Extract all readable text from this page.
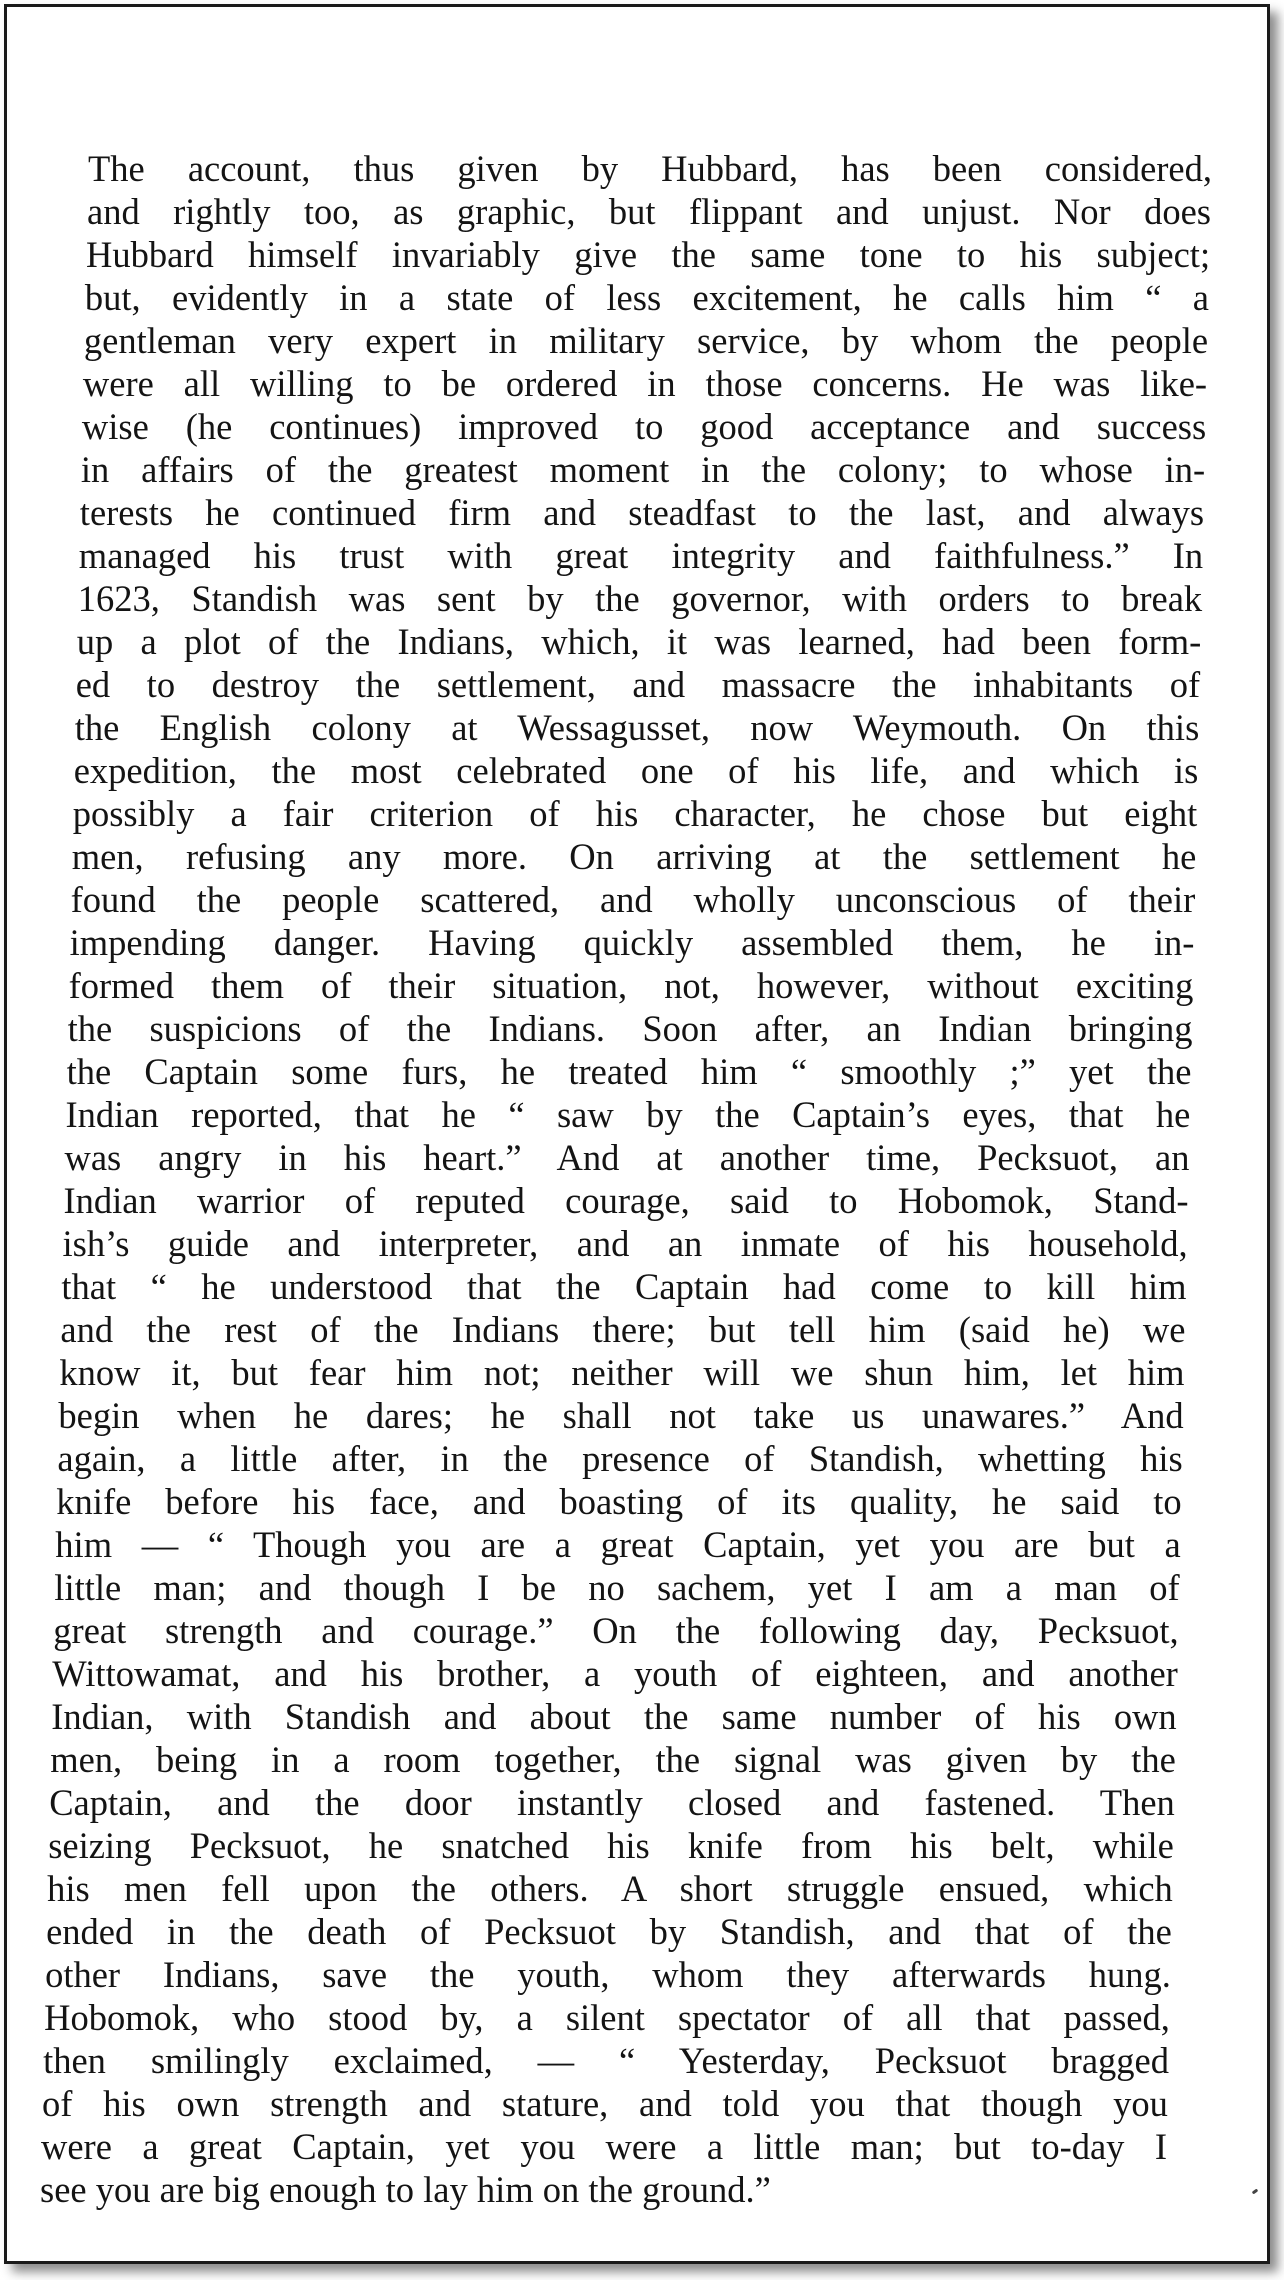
The account, thus given by Hubbard, has been considered,
and rightly too, as graphic, but flippant and unjust. Nor does
Hubbard himself invariably give the same tone to his subject;
but, evidently in a state of less excitement, he calls him “ a
gentleman very expert in military service, by whom the people
were all willing to be ordered in those concerns. He was like-
wise (he continues) improved to good acceptance and success
in affairs of the greatest moment in the colony; to whose in-
terests he continued firm and steadfast to the last, and always
managed his trust with great integrity and faithfulness.” In
1623, Standish was sent by the governor, with orders to break
up a plot of the Indians, which, it was learned, had been form-
ed to destroy the settlement, and massacre the inhabitants of
the English colony at Wessagusset, now Weymouth. On this
expedition, the most celebrated one of his life, and which is
possibly a fair criterion of his character, he chose but eight
men, refusing any more. On arriving at the settlement he
found the people scattered, and wholly unconscious of their
impending danger. Having quickly assembled them, he in-
formed them of their situation, not, however, without exciting
the suspicions of the Indians. Soon after, an Indian bringing
the Captain some furs, he treated him “ smoothly ;” yet the
Indian reported, that he “ saw by the Captain’s eyes, that he
was angry in his heart.” And at another time, Pecksuot, an
Indian warrior of reputed courage, said to Hobomok, Stand-
ish’s guide and interpreter, and an inmate of his household,
that “ he understood that the Captain had come to kill him
and the rest of the Indians there; but tell him (said he) we
know it, but fear him not; neither will we shun him, let him
begin when he dares; he shall not take us unawares.” And
again, a little after, in the presence of Standish, whetting his
knife before his face, and boasting of its quality, he said to
him — “ Though you are a great Captain, yet you are but a
little man; and though I be no sachem, yet I am a man of
great strength and courage.” On the following day, Pecksuot,
Wittowamat, and his brother, a youth of eighteen, and another
Indian, with Standish and about the same number of his own
men, being in a room together, the signal was given by the
Captain, and the door instantly closed and fastened. Then
seizing Pecksuot, he snatched his knife from his belt, while
his men fell upon the others. A short struggle ensued, which
ended in the death of Pecksuot by Standish, and that of the
other Indians, save the youth, whom they afterwards hung.
Hobomok, who stood by, a silent spectator of all that passed,
then smilingly exclaimed, — “ Yesterday, Pecksuot bragged
of his own strength and stature, and told you that though you
were a great Captain, yet you were a little man; but to-day I
see you are big enough to lay him on the ground.”
